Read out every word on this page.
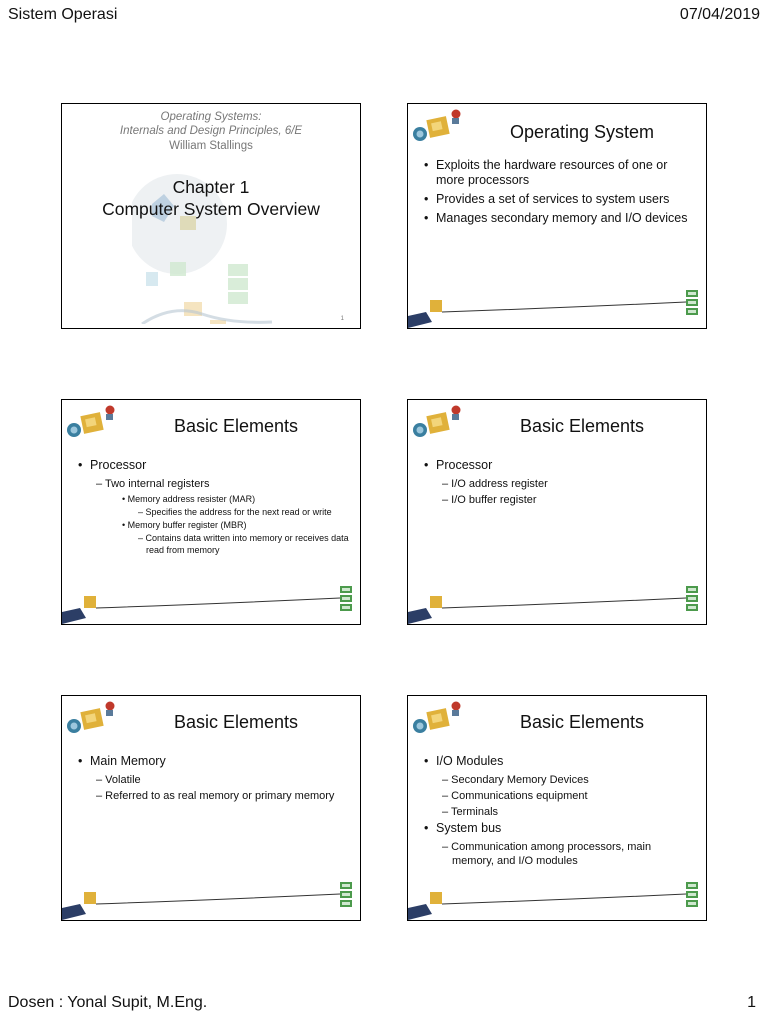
Sistem Operasi	07/04/2019
Operating Systems:
Internals and Design Principles, 6/E
William Stallings
Chapter 1
Computer System Overview
1
Operating System
• Exploits the hardware resources of one or more processors
• Provides a set of services to system users
• Manages secondary memory and I/O devices
Basic Elements
• Processor
– Two internal registers
• Memory address resister (MAR)
– Specifies the address for the next read or write
• Memory buffer register (MBR)
– Contains data written into memory or receives data read from memory
Basic Elements
• Processor
– I/O address register
– I/O buffer register
Basic Elements
• Main Memory
– Volatile
– Referred to as real memory or primary memory
Basic Elements
• I/O Modules
– Secondary Memory Devices
– Communications equipment
– Terminals
• System bus
– Communication among processors, main memory, and I/O modules
Dosen : Yonal Supit, M.Eng.	1
